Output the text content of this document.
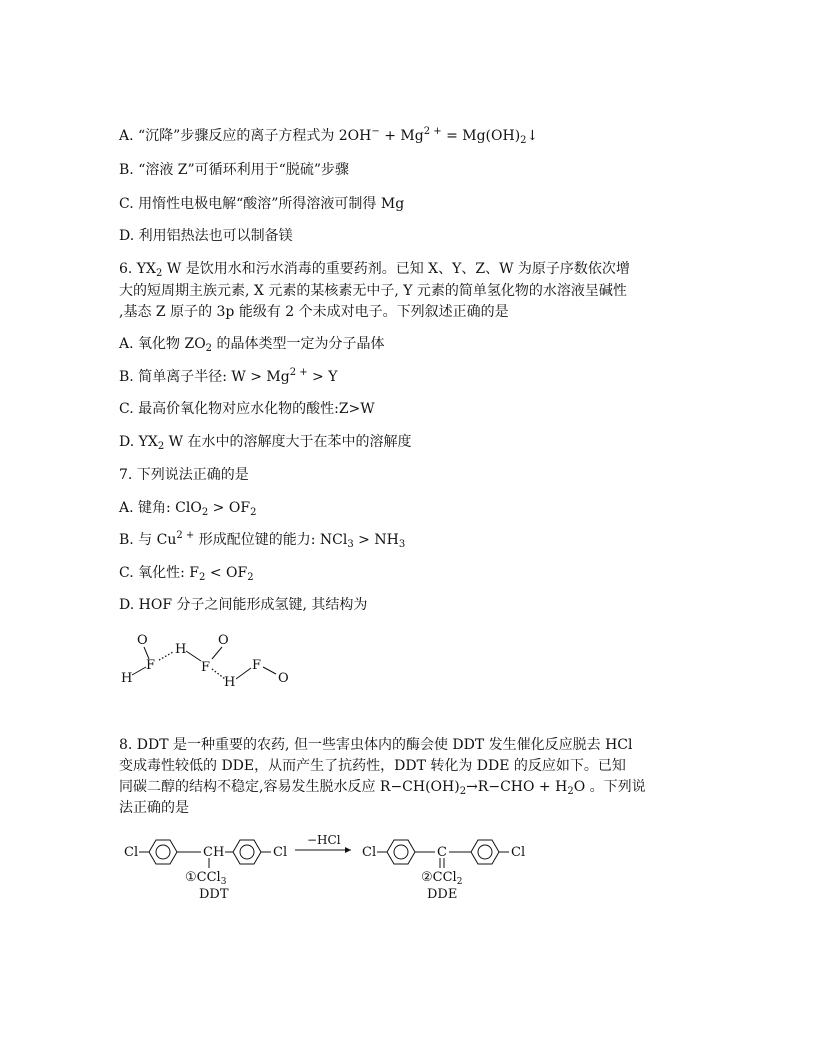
A. “沉降”步骤反应的离子方程式为 $2OH^- + Mg^{2 +}$ = $Mg(OH)_2↓$
B. “溶液 Z”可循环利用于“脱硫”步骤
C. 用惰性电极电解“酸溶”所得溶液可制得 Mg
D. 利用铝热法也可以制备镁
6. $YX_2$ W 是饮用水和污水消毒的重要药剂。已知 X、Y、Z、W 为原子序数依次增
大的短周期主族元素, X 元素的某核素无中子, Y 元素的简单氢化物的水溶液呈碱性
,基态 Z 原子的 3p 能级有 2 个未成对电子。下列叙述正确的是
A. 氧化物 $ZO_2$ 的晶体类型一定为分子晶体
B. 简单离子半径: $W > Mg^{2 +} > Y$
C. 最高价氧化物对应水化物的酸性:Z>W
D. $YX_2$ W 在水中的溶解度大于在苯中的溶解度
7. 下列说法正确的是
A. 键角: $ClO_2 > OF_2$
B. 与 $Cu^{2 +}$ 形成配位键的能力: $NCl_3 > NH_3$
C. 氧化性: $F_2 < OF_2$
D. HOF 分子之间能形成氢键, 其结构为
O
F
H
H
F
O
H
F
O
8. DDT 是一种重要的农药, 但一些害虫体内的酶会使 DDT 发生催化反应脱去 HCl
变成毒性较低的 DDE，从而产生了抗药性，DDT 转化为 DDE 的反应如下。已知
同碳二醇的结构不稳定,容易发生脱水反应 $R-CH(OH)_2\to R-CHO + H_2O$ 。下列说
法正确的是
Cl	CH	Cl
①CCl$_3$
DDT
−HCl
Cl	C	Cl
②CCl$_2$
DDE
